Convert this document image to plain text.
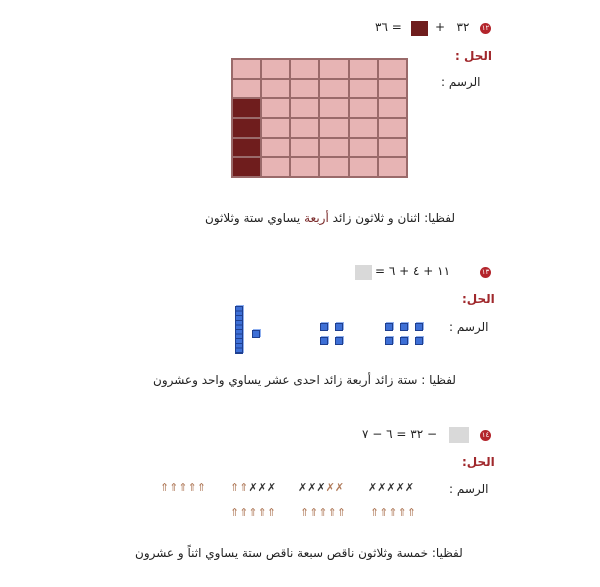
١٢
+   ٣٢
٣٦ =
الحل :
الرسم :
لفظيا: اثنان و ثلاثون زائد أربعة يساوي ستة وثلاثون
١٣
= ١١ + ٤ + ٦
الحل:
الرسم :
لفظيا : ستة زائد أربعة زائد احدى عشر يساوي واحد وعشرون
١٤
٣٢ = ٦ − ٧ −
الحل:
الرسم :
✗✗✗✗✗
✗✗✗✗✗
⇑⇑✗✗✗
⇑⇑⇑⇑⇑
⇑⇑⇑⇑⇑
⇑⇑⇑⇑⇑
⇑⇑⇑⇑⇑
لفظيا: خمسة وثلاثون ناقص سبعة ناقص ستة يساوي اثناً و عشرون
